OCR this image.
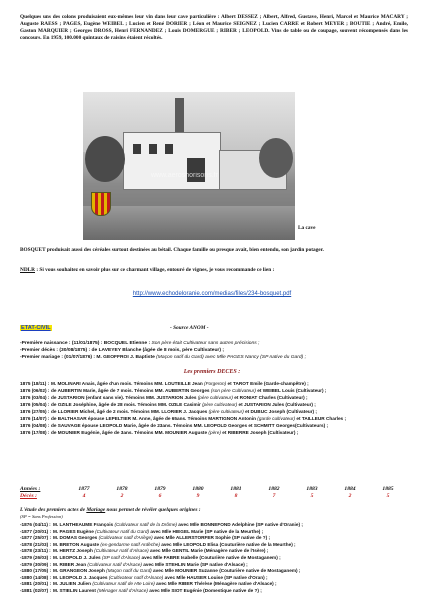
Quelques uns des colons produisaient eux-mêmes leur vin dans leur cave particulière : Albert DESSEZ ; Albert, Alfred, Gustave, Henri, Marcel et Maurice MACARY ; Auguste RAESS ; PAGES, Eugène WEIBEL ; Lucien et René DORIER ; Léon et Maurice SEIGNEZ ; Lucien CARRE et Robert MEYER ; BOUTIE ; André, Emile, Gaston MARQUIER ; Georges DROSS, Henri FERNANDEZ ; Louis DOMERGUE ; RIBER ; LEOPOLD. Vins de table ou de coupage, souvent récompensés dans les concours. En 1959, 100.000 quintaux de raisins étaient récoltés.
www.aeroshorisons.fr
La cave
BOSQUET produisait aussi des céréales surtout destinées au bétail. Chaque famille ou presque avait, bien entendu, son jardin potager.
NDLR : Si vous souhaitez en savoir plus sur ce charmant village, entouré de vignes, je vous recommande ce lien :
http://www.echodeloranie.com/medias/files/234-bosquet.pdf
ETAT-CIVIL	- Source ANOM -
-Première naissance : (11/01/1875) : BOCQUEL Etienne : Son père était Cultivateur sans autres précisions ;
-Premier décès : (30/08/1875) : de LAVEYEY Blanche (âgée de 8 mois, père Cultivateur) ;
-Premier mariage : (01/07/1876) : M. GEOFFROI J. Baptiste (Maçon natif du Gard) avec Mlle PAGES Nancy (SP native du Gard) ;
Les premiers DECES :
1875 (18/11) : M. MOLINARI Anais, âgée d'un mois. Témoins MM. LOUTEILLE Jean (Forgeron) et TAROT Emile (Garde-champêtre) ;
1876 (06/02) : de AUBERTIN Marie, âgée de 7 mois. Témoins MM. AUBERTIN Georges (son père Cultivateur) et WEIBEL Louis (Cultivateur) ;
1876 (03/04) : de JUSTARION (enfant sans vie). Témoins MM. JUSTARION Jules (père cultivateur) et RONIAT Charles (Cultivateur) ;
1876 (05/04) : de OZILE Joséphine, âgée de 28 mois. Témoins MM. OZILE Casimir (père cultivateur) et JUSTARION Jules (Cultivateur) ;
1876 (27/05) : de LLORIER Michel, âgé de 2 mois. Témoins MM. LLORIER J. Jacques (père cultivateur) et DUBUC Joseph (Cultivateur) ;
1876 (14/07) : de BALTHASAR épouse LEPELTIER M. Anne, âgée de 65ans. Témoins MARTIGNON Antonin (garde cultivateur) et TAILLEUR Charles ;
1876 (04/08) : de SAUVAGE épouse LEOPOLD Marie, âgée de 23ans. Témoins MM. LEOPOLD Georges et SCHMITT Georges(Cultivateurs) ;
1876 (17/08) : de MOUNIER Eugénie, âgée de 3ans. Témoins MM. MOUNIER Auguste (père) et RIBERRE Joseph (Cultivateur) ;
Années :
Décès :
1877	1878	1879	1880	1881	1882	1883	1884	1885
4	2	6	9	8	7	5	2	5
L'étude des premiers actes de Mariage nous permet de révéler quelques origines :
(SP = Sans Profession)
-1876 (04/11) : M. LANTHEAUME François (Cultivateur natif de la Drôme) avec Mlle BONNEFOND Adelphine (SP native d'Oranie) ;
-1877 (20/01) : M. PAGES Eugène (Cultivateur natif du Gard) avec Mlle HIEGEL Marie (SP native de la Meurthe) ;
-1877 (25/07) : M. DOMAS Georges (Cultivateur natif d'Ariège) avec Mlle ALLERSTORFER Sophie (SP native de ?) ;
-1878 (21/03) : M. BRETON Auguste (ex-gendarme natif Ardèche) avec Mlle LEOPOLD Elisa (Couturière native de la Meurthe) ;
-1878 (23/11) : M. HERTZ Joseph (Cultivateur natif d'Alsace) avec Mlle GENTIL Marie (Ménagère native de l'Isère) ;
-1879 (26/03) : M. LEOPOLD J. Jules (SP natif d'Alsace) avec Mlle FABRE Isabelle (Couturière native de Mostaganem) ;
-1879 (30/09) : M. RIBER Jean (Cultivateur natif d'Alsace) avec Mlle STEHLIN Marie (SP native d'Alsace) ;
-1880 (17/05) : M. GRANGEON Joseph (Maçon natif du Gard) avec Mlle MOUNIER Suzanne (Couturière native de Mostaganem) ;
-1880 (14/08) : M. LEOPOLD J. Jacques (Cultivateur natif d'Alsace) avec Mlle HAUSER Louise (SP native d'Oran) ;
-1881 (20/01) : M. JULIEN Julien (Cultivateur natif de Hte Loire) avec Mlle RIBER Thérèse (Ménagère native d'Alsace) ;
-1881 (02/07) : M. STIELIN Laurent (Ménager natif d'Alsace) avec Mlle SIOT Eugénie (Domestique native de ?) ;
